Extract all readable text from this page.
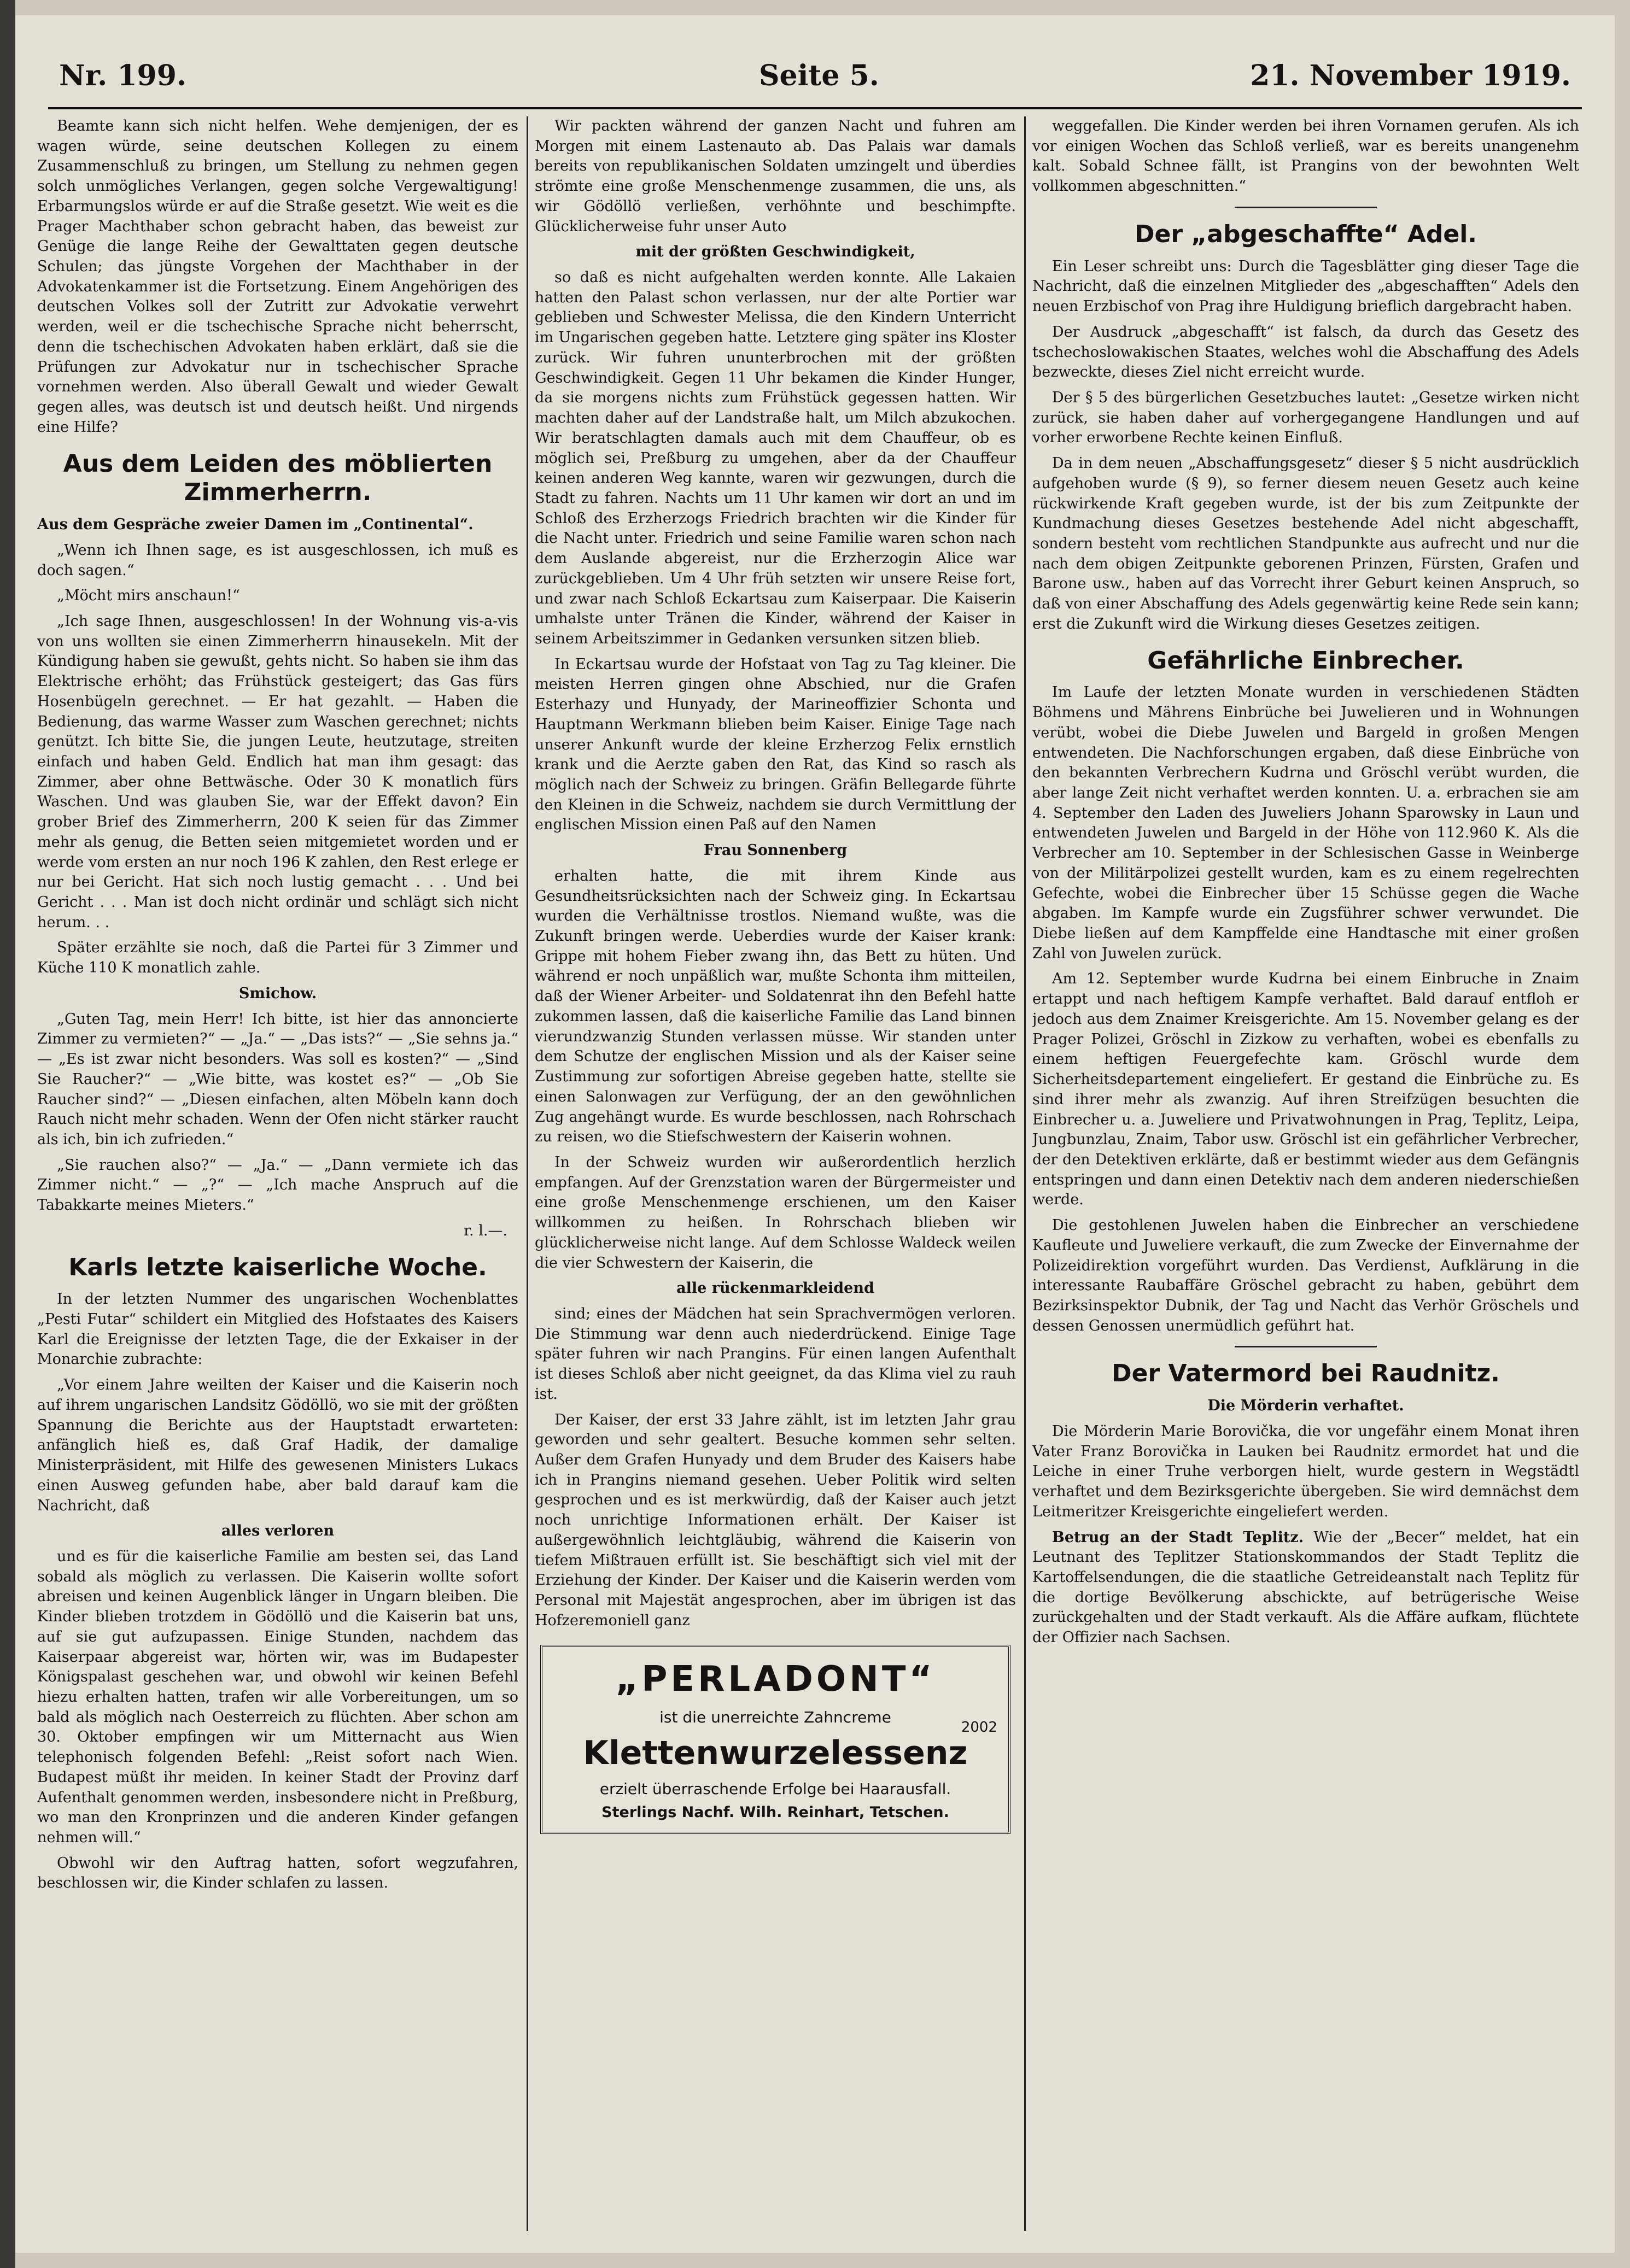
Nr. 199.	Seite 5.	21. November 1919.

Beamte kann sich nicht helfen. Wehe demjenigen, der es wagen würde, seine deutschen Kollegen zu einem Zusammenschluß zu bringen, um Stellung zu nehmen gegen solch unmögliches Verlangen, gegen solche Vergewaltigung! Erbarmungslos würde er auf die Straße gesetzt. Wie weit es die Prager Machthaber schon gebracht haben, das beweist zur Genüge die lange Reihe der Gewalttaten gegen deutsche Schulen; das jüngste Vorgehen der Machthaber in der Advokatenkammer ist die Fortsetzung. Einem Angehörigen des deutschen Volkes soll der Zutritt zur Advokatie verwehrt werden, weil er die tschechische Sprache nicht beherrscht, denn die tschechischen Advokaten haben erklärt, daß sie die Prüfungen zur Advokatur nur in tschechischer Sprache vornehmen werden. Also überall Gewalt und wieder Gewalt gegen alles, was deutsch ist und deutsch heißt. Und nirgends eine Hilfe?

Aus dem Leiden des möblierten Zimmerherrn.
Aus dem Gespräche zweier Damen im „Continental“.

„Wenn ich Ihnen sage, es ist ausgeschlossen, ich muß es doch sagen.“

„Möcht mirs anschaun!“

„Ich sage Ihnen, ausgeschlossen! In der Wohnung vis-a-vis von uns wollten sie einen Zimmerherrn hinausekeln. Mit der Kündigung haben sie gewußt, gehts nicht. So haben sie ihm das Elektrische erhöht; das Frühstück gesteigert; das Gas fürs Hosenbügeln gerechnet. — Er hat gezahlt. — Haben die Bedienung, das warme Wasser zum Waschen gerechnet; nichts genützt. Ich bitte Sie, die jungen Leute, heutzutage, streiten einfach und haben Geld. Endlich hat man ihm gesagt: das Zimmer, aber ohne Bettwäsche. Oder 30 K monatlich fürs Waschen. Und was glauben Sie, war der Effekt davon? Ein grober Brief des Zimmerherrn, 200 K seien für das Zimmer mehr als genug, die Betten seien mitgemietet worden und er werde vom ersten an nur noch 196 K zahlen, den Rest erlege er nur bei Gericht. Hat sich noch lustig gemacht . . . Und bei Gericht . . . Man ist doch nicht ordinär und schlägt sich nicht herum. . .

Später erzählte sie noch, daß die Partei für 3 Zimmer und Küche 110 K monatlich zahle.

Smichow.

„Guten Tag, mein Herr! Ich bitte, ist hier das annoncierte Zimmer zu vermieten?“ — „Ja.“ — „Das ists?“ — „Sie sehns ja.“ — „Es ist zwar nicht besonders. Was soll es kosten?“ — „Sind Sie Raucher?“ — „Wie bitte, was kostet es?“ — „Ob Sie Raucher sind?“ — „Diesen einfachen, alten Möbeln kann doch Rauch nicht mehr schaden. Wenn der Ofen nicht stärker raucht als ich, bin ich zufrieden.“

„Sie rauchen also?“ — „Ja.“ — „Dann vermiete ich das Zimmer nicht.“ — „?“ — „Ich mache Anspruch auf die Tabakkarte meines Mieters.“

r. l.—.
Karls letzte kaiserliche Woche.

In der letzten Nummer des ungarischen Wochenblattes „Pesti Futar“ schildert ein Mitglied des Hofstaates des Kaisers Karl die Ereignisse der letzten Tage, die der Exkaiser in der Monarchie zubrachte:

„Vor einem Jahre weilten der Kaiser und die Kaiserin noch auf ihrem ungarischen Landsitz Gödöllö, wo sie mit der größten Spannung die Berichte aus der Hauptstadt erwarteten: anfänglich hieß es, daß Graf Hadik, der damalige Ministerpräsident, mit Hilfe des gewesenen Ministers Lukacs einen Ausweg gefunden habe, aber bald darauf kam die Nachricht, daß

alles verloren

und es für die kaiserliche Familie am besten sei, das Land sobald als möglich zu verlassen. Die Kaiserin wollte sofort abreisen und keinen Augenblick länger in Ungarn bleiben. Die Kinder blieben trotzdem in Gödöllö und die Kaiserin bat uns, auf sie gut aufzupassen. Einige Stunden, nachdem das Kaiserpaar abgereist war, hörten wir, was im Budapester Königspalast geschehen war, und obwohl wir keinen Befehl hiezu erhalten hatten, trafen wir alle Vorbereitungen, um so bald als möglich nach Oesterreich zu flüchten. Aber schon am 30. Oktober empfingen wir um Mitternacht aus Wien telephonisch folgenden Befehl: „Reist sofort nach Wien. Budapest müßt ihr meiden. In keiner Stadt der Provinz darf Aufenthalt genommen werden, insbesondere nicht in Preßburg, wo man den Kronprinzen und die anderen Kinder gefangen nehmen will.“

Obwohl wir den Auftrag hatten, sofort wegzufahren, beschlossen wir, die Kinder schlafen zu lassen.

Wir packten während der ganzen Nacht und fuhren am Morgen mit einem Lastenauto ab. Das Palais war damals bereits von republikanischen Soldaten umzingelt und überdies strömte eine große Menschenmenge zusammen, die uns, als wir Gödöllö verließen, verhöhnte und beschimpfte. Glücklicherweise fuhr unser Auto

mit der größten Geschwindigkeit,

so daß es nicht aufgehalten werden konnte. Alle Lakaien hatten den Palast schon verlassen, nur der alte Portier war geblieben und Schwester Melissa, die den Kindern Unterricht im Ungarischen gegeben hatte. Letztere ging später ins Kloster zurück. Wir fuhren ununterbrochen mit der größten Geschwindigkeit. Gegen 11 Uhr bekamen die Kinder Hunger, da sie morgens nichts zum Frühstück gegessen hatten. Wir machten daher auf der Landstraße halt, um Milch abzukochen. Wir beratschlagten damals auch mit dem Chauffeur, ob es möglich sei, Preßburg zu umgehen, aber da der Chauffeur keinen anderen Weg kannte, waren wir gezwungen, durch die Stadt zu fahren. Nachts um 11 Uhr kamen wir dort an und im Schloß des Erzherzogs Friedrich brachten wir die Kinder für die Nacht unter. Friedrich und seine Familie waren schon nach dem Auslande abgereist, nur die Erzherzogin Alice war zurückgeblieben. Um 4 Uhr früh setzten wir unsere Reise fort, und zwar nach Schloß Eckartsau zum Kaiserpaar. Die Kaiserin umhalste unter Tränen die Kinder, während der Kaiser in seinem Arbeitszimmer in Gedanken versunken sitzen blieb.

In Eckartsau wurde der Hofstaat von Tag zu Tag kleiner. Die meisten Herren gingen ohne Abschied, nur die Grafen Esterhazy und Hunyady, der Marineoffizier Schonta und Hauptmann Werkmann blieben beim Kaiser. Einige Tage nach unserer Ankunft wurde der kleine Erzherzog Felix ernstlich krank und die Aerzte gaben den Rat, das Kind so rasch als möglich nach der Schweiz zu bringen. Gräfin Bellegarde führte den Kleinen in die Schweiz, nachdem sie durch Vermittlung der englischen Mission einen Paß auf den Namen

Frau Sonnenberg

erhalten hatte, die mit ihrem Kinde aus Gesundheitsrücksichten nach der Schweiz ging. In Eckartsau wurden die Verhältnisse trostlos. Niemand wußte, was die Zukunft bringen werde. Ueberdies wurde der Kaiser krank: Grippe mit hohem Fieber zwang ihn, das Bett zu hüten. Und während er noch unpäßlich war, mußte Schonta ihm mitteilen, daß der Wiener Arbeiter- und Soldatenrat ihn den Befehl hatte zukommen lassen, daß die kaiserliche Familie das Land binnen vierundzwanzig Stunden verlassen müsse. Wir standen unter dem Schutze der englischen Mission und als der Kaiser seine Zustimmung zur sofortigen Abreise gegeben hatte, stellte sie einen Salonwagen zur Verfügung, der an den gewöhnlichen Zug angehängt wurde. Es wurde beschlossen, nach Rohrschach zu reisen, wo die Stiefschwestern der Kaiserin wohnen.

In der Schweiz wurden wir außerordentlich herzlich empfangen. Auf der Grenzstation waren der Bürgermeister und eine große Menschenmenge erschienen, um den Kaiser willkommen zu heißen. In Rohrschach blieben wir glücklicherweise nicht lange. Auf dem Schlosse Waldeck weilen die vier Schwestern der Kaiserin, die

alle rückenmarkleidend

sind; eines der Mädchen hat sein Sprachvermögen verloren. Die Stimmung war denn auch niederdrückend. Einige Tage später fuhren wir nach Prangins. Für einen langen Aufenthalt ist dieses Schloß aber nicht geeignet, da das Klima viel zu rauh ist.

Der Kaiser, der erst 33 Jahre zählt, ist im letzten Jahr grau geworden und sehr gealtert. Besuche kommen sehr selten. Außer dem Grafen Hunyady und dem Bruder des Kaisers habe ich in Prangins niemand gesehen. Ueber Politik wird selten gesprochen und es ist merkwürdig, daß der Kaiser auch jetzt noch unrichtige Informationen erhält. Der Kaiser ist außergewöhnlich leichtgläubig, während die Kaiserin von tiefem Mißtrauen erfüllt ist. Sie beschäftigt sich viel mit der Erziehung der Kinder. Der Kaiser und die Kaiserin werden vom Personal mit Majestät angesprochen, aber im übrigen ist das Hofzeremoniell ganz

„PERLADONT“
ist die unerreichte Zahncreme
2002
Klettenwurzelessenz
erzielt überraschende Erfolge bei Haarausfall.
Sterlings Nachf. Wilh. Reinhart, Tetschen.

weggefallen. Die Kinder werden bei ihren Vornamen gerufen. Als ich vor einigen Wochen das Schloß verließ, war es bereits unangenehm kalt. Sobald Schnee fällt, ist Prangins von der bewohnten Welt vollkommen abgeschnitten.“

Der „abgeschaffte“ Adel.

Ein Leser schreibt uns: Durch die Tagesblätter ging dieser Tage die Nachricht, daß die einzelnen Mitglieder des „abgeschafften“ Adels den neuen Erzbischof von Prag ihre Huldigung brieflich dargebracht haben.

Der Ausdruck „abgeschafft“ ist falsch, da durch das Gesetz des tschechoslowakischen Staates, welches wohl die Abschaffung des Adels bezweckte, dieses Ziel nicht erreicht wurde.

Der § 5 des bürgerlichen Gesetzbuches lautet: „Gesetze wirken nicht zurück, sie haben daher auf vorhergegangene Handlungen und auf vorher erworbene Rechte keinen Einfluß.

Da in dem neuen „Abschaffungsgesetz“ dieser § 5 nicht ausdrücklich aufgehoben wurde (§ 9), so ferner diesem neuen Gesetz auch keine rückwirkende Kraft gegeben wurde, ist der bis zum Zeitpunkte der Kundmachung dieses Gesetzes bestehende Adel nicht abgeschafft, sondern besteht vom rechtlichen Standpunkte aus aufrecht und nur die nach dem obigen Zeitpunkte geborenen Prinzen, Fürsten, Grafen und Barone usw., haben auf das Vorrecht ihrer Geburt keinen Anspruch, so daß von einer Abschaffung des Adels gegenwärtig keine Rede sein kann; erst die Zukunft wird die Wirkung dieses Gesetzes zeitigen.

Gefährliche Einbrecher.

Im Laufe der letzten Monate wurden in verschiedenen Städten Böhmens und Mährens Einbrüche bei Juwelieren und in Wohnungen verübt, wobei die Diebe Juwelen und Bargeld in großen Mengen entwendeten. Die Nachforschungen ergaben, daß diese Einbrüche von den bekannten Verbrechern Kudrna und Gröschl verübt wurden, die aber lange Zeit nicht verhaftet werden konnten. U. a. erbrachen sie am 4. September den Laden des Juweliers Johann Sparowsky in Laun und entwendeten Juwelen und Bargeld in der Höhe von 112.960 K. Als die Verbrecher am 10. September in der Schlesischen Gasse in Weinberge von der Militärpolizei gestellt wurden, kam es zu einem regelrechten Gefechte, wobei die Einbrecher über 15 Schüsse gegen die Wache abgaben. Im Kampfe wurde ein Zugsführer schwer verwundet. Die Diebe ließen auf dem Kampffelde eine Handtasche mit einer großen Zahl von Juwelen zurück.

Am 12. September wurde Kudrna bei einem Einbruche in Znaim ertappt und nach heftigem Kampfe verhaftet. Bald darauf entfloh er jedoch aus dem Znaimer Kreisgerichte. Am 15. November gelang es der Prager Polizei, Gröschl in Zizkow zu verhaften, wobei es ebenfalls zu einem heftigen Feuergefechte kam. Gröschl wurde dem Sicherheitsdepartement eingeliefert. Er gestand die Einbrüche zu. Es sind ihrer mehr als zwanzig. Auf ihren Streifzügen besuchten die Einbrecher u. a. Juweliere und Privatwohnungen in Prag, Teplitz, Leipa, Jungbunzlau, Znaim, Tabor usw. Gröschl ist ein gefährlicher Verbrecher, der den Detektiven erklärte, daß er bestimmt wieder aus dem Gefängnis entspringen und dann einen Detektiv nach dem anderen niederschießen werde.

Die gestohlenen Juwelen haben die Einbrecher an verschiedene Kaufleute und Juweliere verkauft, die zum Zwecke der Einvernahme der Polizeidirektion vorgeführt wurden. Das Verdienst, Aufklärung in die interessante Raubaffäre Gröschel gebracht zu haben, gebührt dem Bezirksinspektor Dubnik, der Tag und Nacht das Verhör Gröschels und dessen Genossen unermüdlich geführt hat.

Der Vatermord bei Raudnitz.
Die Mörderin verhaftet.

Die Mörderin Marie Borovička, die vor ungefähr einem Monat ihren Vater Franz Borovička in Lauken bei Raudnitz ermordet hat und die Leiche in einer Truhe verborgen hielt, wurde gestern in Wegstädtl verhaftet und dem Bezirksgerichte übergeben. Sie wird demnächst dem Leitmeritzer Kreisgerichte eingeliefert werden.

Betrug an der Stadt Teplitz. Wie der „Becer“ meldet, hat ein Leutnant des Teplitzer Stationskommandos der Stadt Teplitz die Kartoffelsendungen, die die staatliche Getreideanstalt nach Teplitz für die dortige Bevölkerung abschickte, auf betrügerische Weise zurückgehalten und der Stadt verkauft. Als die Affäre aufkam, flüchtete der Offizier nach Sachsen.
